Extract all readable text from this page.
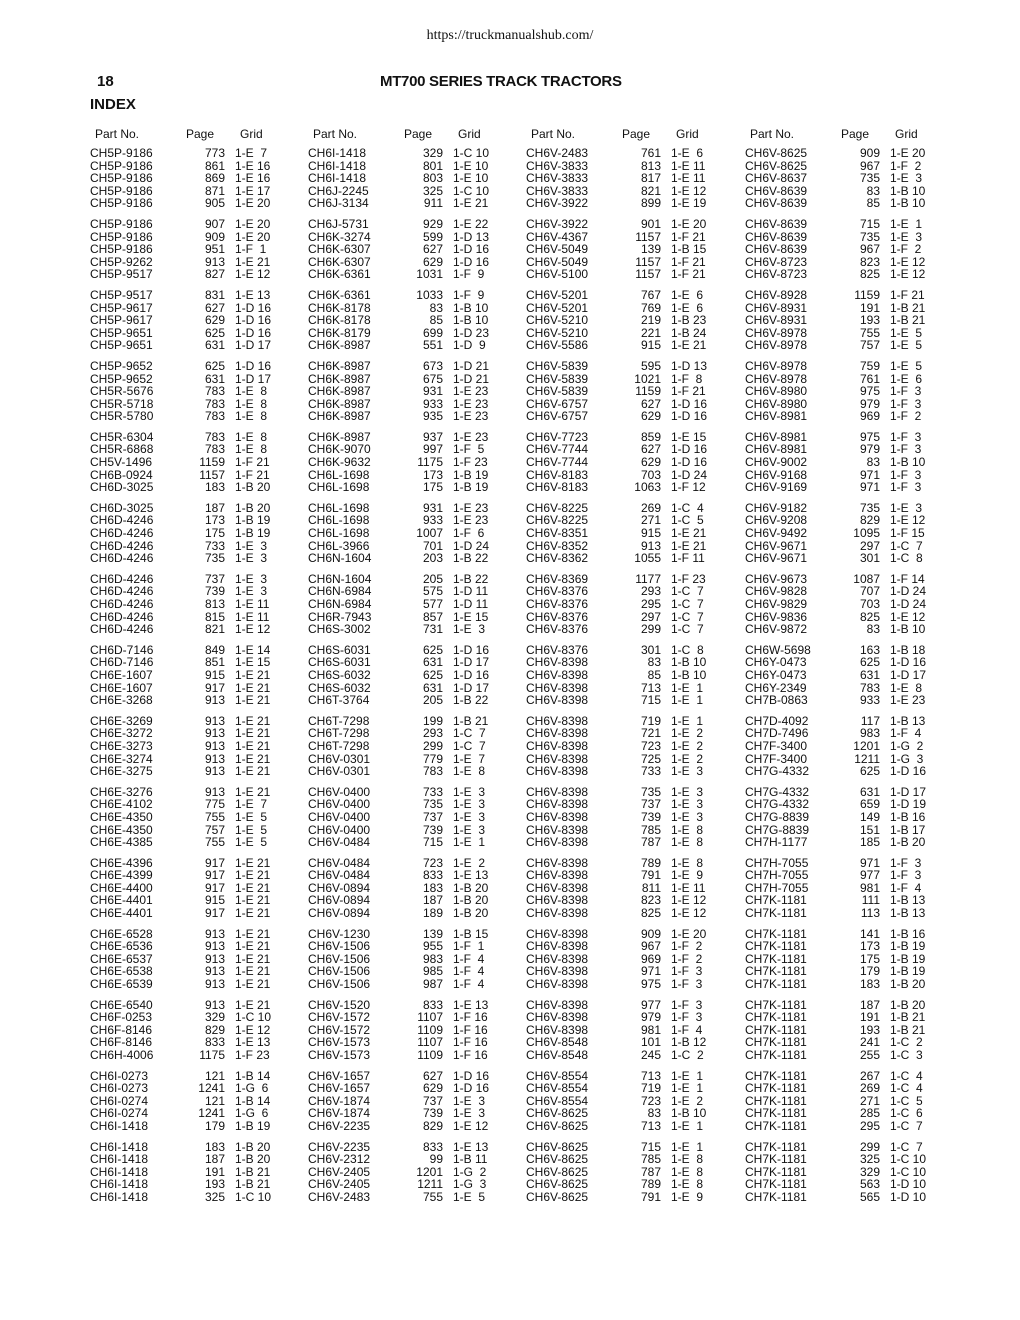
https://truckmanualshub.com/
18	MT700 SERIES TRACK TRACTORS
INDEX
Part No.	Page Grid
CH5P-9186	773 1-E  7
CH5P-9186	861 1-E 16
CH5P-9186	869 1-E 16
CH5P-9186	871 1-E 17
CH5P-9186	905 1-E 20
CH5P-9186	907 1-E 20
CH5P-9186	909 1-E 20
CH5P-9186	951 1-F  1
CH5P-9262	913 1-E 21
CH5P-9517	827 1-E 12
CH5P-9517	831 1-E 13
CH5P-9617	627 1-D 16
CH5P-9617	629 1-D 16
CH5P-9651	625 1-D 16
CH5P-9651	631 1-D 17
CH5P-9652	625 1-D 16
CH5P-9652	631 1-D 17
CH5R-5676	783 1-E  8
CH5R-5718	783 1-E  8
CH5R-5780	783 1-E  8
CH5R-6304	783 1-E  8
CH5R-6868	783 1-E  8
CH5V-1496	1159 1-F 21
CH6B-0924	1157 1-F 21
CH6D-3025	183 1-B 20
CH6D-3025	187 1-B 20
CH6D-4246	173 1-B 19
CH6D-4246	175 1-B 19
CH6D-4246	733 1-E  3
CH6D-4246	735 1-E  3
CH6D-4246	737 1-E  3
CH6D-4246	739 1-E  3
CH6D-4246	813 1-E 11
CH6D-4246	815 1-E 11
CH6D-4246	821 1-E 12
CH6D-7146	849 1-E 14
CH6D-7146	851 1-E 15
CH6E-1607	915 1-E 21
CH6E-1607	917 1-E 21
CH6E-3268	913 1-E 21
CH6E-3269	913 1-E 21
CH6E-3272	913 1-E 21
CH6E-3273	913 1-E 21
CH6E-3274	913 1-E 21
CH6E-3275	913 1-E 21
CH6E-3276	913 1-E 21
CH6E-4102	775 1-E  7
CH6E-4350	755 1-E  5
CH6E-4350	757 1-E  5
CH6E-4385	755 1-E  5
CH6E-4396	917 1-E 21
CH6E-4399	917 1-E 21
CH6E-4400	917 1-E 21
CH6E-4401	915 1-E 21
CH6E-4401	917 1-E 21
CH6E-6528	913 1-E 21
CH6E-6536	913 1-E 21
CH6E-6537	913 1-E 21
CH6E-6538	913 1-E 21
CH6E-6539	913 1-E 21
CH6E-6540	913 1-E 21
CH6F-0253	329 1-C 10
CH6F-8146	829 1-E 12
CH6F-8146	833 1-E 13
CH6H-4006	1175 1-F 23
CH6I-0273	121 1-B 14
CH6I-0273	1241 1-G  6
CH6I-0274	121 1-B 14
CH6I-0274	1241 1-G  6
CH6I-1418	179 1-B 19
CH6I-1418	183 1-B 20
CH6I-1418	187 1-B 20
CH6I-1418	191 1-B 21
CH6I-1418	193 1-B 21
CH6I-1418	325 1-C 10
Part No.	Page Grid
CH6I-1418	329 1-C 10
CH6I-1418	801 1-E 10
CH6I-1418	803 1-E 10
CH6J-2245	325 1-C 10
CH6J-3134	911 1-E 21
CH6J-5731	929 1-E 22
CH6K-3274	599 1-D 13
CH6K-6307	627 1-D 16
CH6K-6307	629 1-D 16
CH6K-6361	1031 1-F  9
CH6K-6361	1033 1-F  9
CH6K-8178	83 1-B 10
CH6K-8178	85 1-B 10
CH6K-8179	699 1-D 23
CH6K-8987	551 1-D  9
CH6K-8987	673 1-D 21
CH6K-8987	675 1-D 21
CH6K-8987	931 1-E 23
CH6K-8987	933 1-E 23
CH6K-8987	935 1-E 23
CH6K-8987	937 1-E 23
CH6K-9070	997 1-F  5
CH6K-9632	1175 1-F 23
CH6L-1698	173 1-B 19
CH6L-1698	175 1-B 19
CH6L-1698	931 1-E 23
CH6L-1698	933 1-E 23
CH6L-1698	1007 1-F  6
CH6L-3966	701 1-D 24
CH6N-1604	203 1-B 22
CH6N-1604	205 1-B 22
CH6N-6984	575 1-D 11
CH6N-6984	577 1-D 11
CH6R-7943	857 1-E 15
CH6S-3002	731 1-E  3
CH6S-6031	625 1-D 16
CH6S-6031	631 1-D 17
CH6S-6032	625 1-D 16
CH6S-6032	631 1-D 17
CH6T-3764	205 1-B 22
CH6T-7298	199 1-B 21
CH6T-7298	293 1-C  7
CH6T-7298	299 1-C  7
CH6V-0301	779 1-E  7
CH6V-0301	783 1-E  8
CH6V-0400	733 1-E  3
CH6V-0400	735 1-E  3
CH6V-0400	737 1-E  3
CH6V-0400	739 1-E  3
CH6V-0484	715 1-E  1
CH6V-0484	723 1-E  2
CH6V-0484	833 1-E 13
CH6V-0894	183 1-B 20
CH6V-0894	187 1-B 20
CH6V-0894	189 1-B 20
CH6V-1230	139 1-B 15
CH6V-1506	955 1-F  1
CH6V-1506	983 1-F  4
CH6V-1506	985 1-F  4
CH6V-1506	987 1-F  4
CH6V-1520	833 1-E 13
CH6V-1572	1107 1-F 16
CH6V-1572	1109 1-F 16
CH6V-1573	1107 1-F 16
CH6V-1573	1109 1-F 16
CH6V-1657	627 1-D 16
CH6V-1657	629 1-D 16
CH6V-1874	737 1-E  3
CH6V-1874	739 1-E  3
CH6V-2235	829 1-E 12
CH6V-2235	833 1-E 13
CH6V-2312	99 1-B 11
CH6V-2405	1201 1-G  2
CH6V-2405	1211 1-G  3
CH6V-2483	755 1-E  5
Part No.	Page Grid
CH6V-2483	761 1-E  6
CH6V-3833	813 1-E 11
CH6V-3833	817 1-E 11
CH6V-3833	821 1-E 12
CH6V-3922	899 1-E 19
CH6V-3922	901 1-E 20
CH6V-4367	1157 1-F 21
CH6V-5049	139 1-B 15
CH6V-5049	1157 1-F 21
CH6V-5100	1157 1-F 21
CH6V-5201	767 1-E  6
CH6V-5201	769 1-E  6
CH6V-5210	219 1-B 23
CH6V-5210	221 1-B 24
CH6V-5586	915 1-E 21
CH6V-5839	595 1-D 13
CH6V-5839	1021 1-F  8
CH6V-5839	1159 1-F 21
CH6V-6757	627 1-D 16
CH6V-6757	629 1-D 16
CH6V-7723	859 1-E 15
CH6V-7744	627 1-D 16
CH6V-7744	629 1-D 16
CH6V-8183	703 1-D 24
CH6V-8183	1063 1-F 12
CH6V-8225	269 1-C  4
CH6V-8225	271 1-C  5
CH6V-8351	915 1-E 21
CH6V-8352	913 1-E 21
CH6V-8362	1055 1-F 11
CH6V-8369	1177 1-F 23
CH6V-8376	293 1-C  7
CH6V-8376	295 1-C  7
CH6V-8376	297 1-C  7
CH6V-8376	299 1-C  7
CH6V-8376	301 1-C  8
CH6V-8398	83 1-B 10
CH6V-8398	85 1-B 10
CH6V-8398	713 1-E  1
CH6V-8398	715 1-E  1
CH6V-8398	719 1-E  1
CH6V-8398	721 1-E  2
CH6V-8398	723 1-E  2
CH6V-8398	725 1-E  2
CH6V-8398	733 1-E  3
CH6V-8398	735 1-E  3
CH6V-8398	737 1-E  3
CH6V-8398	739 1-E  3
CH6V-8398	785 1-E  8
CH6V-8398	787 1-E  8
CH6V-8398	789 1-E  8
CH6V-8398	791 1-E  9
CH6V-8398	811 1-E 11
CH6V-8398	823 1-E 12
CH6V-8398	825 1-E 12
CH6V-8398	909 1-E 20
CH6V-8398	967 1-F  2
CH6V-8398	969 1-F  2
CH6V-8398	971 1-F  3
CH6V-8398	975 1-F  3
CH6V-8398	977 1-F  3
CH6V-8398	979 1-F  3
CH6V-8398	981 1-F  4
CH6V-8548	101 1-B 12
CH6V-8548	245 1-C  2
CH6V-8554	713 1-E  1
CH6V-8554	719 1-E  1
CH6V-8554	723 1-E  2
CH6V-8625	83 1-B 10
CH6V-8625	713 1-E  1
CH6V-8625	715 1-E  1
CH6V-8625	785 1-E  8
CH6V-8625	787 1-E  8
CH6V-8625	789 1-E  8
CH6V-8625	791 1-E  9
Part No.	Page Grid
CH6V-8625	909 1-E 20
CH6V-8625	967 1-F  2
CH6V-8637	735 1-E  3
CH6V-8639	83 1-B 10
CH6V-8639	85 1-B 10
CH6V-8639	715 1-E  1
CH6V-8639	735 1-E  3
CH6V-8639	967 1-F  2
CH6V-8723	823 1-E 12
CH6V-8723	825 1-E 12
CH6V-8928	1159 1-F 21
CH6V-8931	191 1-B 21
CH6V-8931	193 1-B 21
CH6V-8978	755 1-E  5
CH6V-8978	757 1-E  5
CH6V-8978	759 1-E  5
CH6V-8978	761 1-E  6
CH6V-8980	975 1-F  3
CH6V-8980	979 1-F  3
CH6V-8981	969 1-F  2
CH6V-8981	975 1-F  3
CH6V-8981	979 1-F  3
CH6V-9002	83 1-B 10
CH6V-9168	971 1-F  3
CH6V-9169	971 1-F  3
CH6V-9182	735 1-E  3
CH6V-9208	829 1-E 12
CH6V-9492	1095 1-F 15
CH6V-9671	297 1-C  7
CH6V-9671	301 1-C  8
CH6V-9673	1087 1-F 14
CH6V-9828	707 1-D 24
CH6V-9829	703 1-D 24
CH6V-9836	825 1-E 12
CH6V-9872	83 1-B 10
CH6W-5698	163 1-B 18
CH6Y-0473	625 1-D 16
CH6Y-0473	631 1-D 17
CH6Y-2349	783 1-E  8
CH7B-0863	933 1-E 23
CH7D-4092	117 1-B 13
CH7D-7496	983 1-F  4
CH7F-3400	1201 1-G  2
CH7F-3400	1211 1-G  3
CH7G-4332	625 1-D 16
CH7G-4332	631 1-D 17
CH7G-4332	659 1-D 19
CH7G-8839	149 1-B 16
CH7G-8839	151 1-B 17
CH7H-1177	185 1-B 20
CH7H-7055	971 1-F  3
CH7H-7055	977 1-F  3
CH7H-7055	981 1-F  4
CH7K-1181	111 1-B 13
CH7K-1181	113 1-B 13
CH7K-1181	141 1-B 16
CH7K-1181	173 1-B 19
CH7K-1181	175 1-B 19
CH7K-1181	179 1-B 19
CH7K-1181	183 1-B 20
CH7K-1181	187 1-B 20
CH7K-1181	191 1-B 21
CH7K-1181	193 1-B 21
CH7K-1181	241 1-C  2
CH7K-1181	255 1-C  3
CH7K-1181	267 1-C  4
CH7K-1181	269 1-C  4
CH7K-1181	271 1-C  5
CH7K-1181	285 1-C  6
CH7K-1181	295 1-C  7
CH7K-1181	299 1-C  7
CH7K-1181	325 1-C 10
CH7K-1181	329 1-C 10
CH7K-1181	563 1-D 10
CH7K-1181	565 1-D 10
